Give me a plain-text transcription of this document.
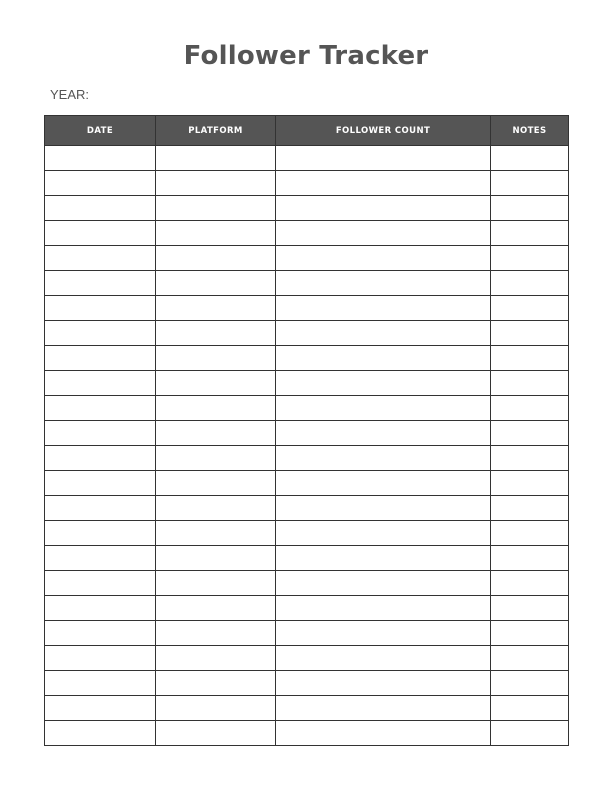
Follower Tracker
YEAR:
DATE	PLATFORM	FOLLOWER COUNT	NOTES
